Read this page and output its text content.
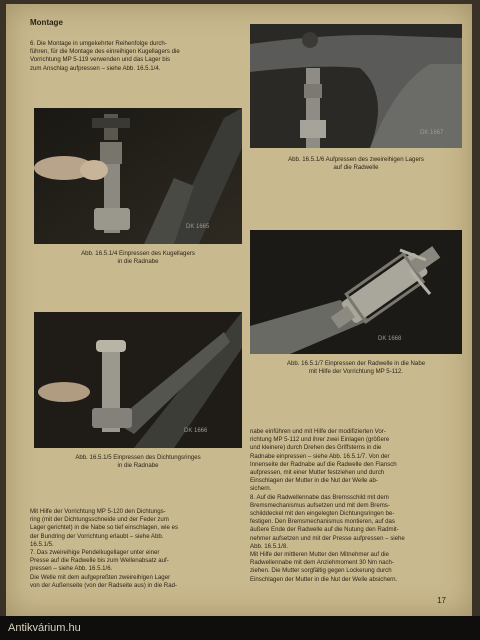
Montage

6. Die Montage in umgekehrter Reihenfolge durch-

führen, für die Montage des einreihigen Kugellagers die

Vorrichtung MP 5-119 verwenden und das Lager bis

zum Anschlag aufpressen – siehe Abb. 16.5.1/4.

DK 1665

Abb. 16.5.1/4 Einpressen des Kugellagers

in die Radnabe

DK 1666

Abb. 16.5.1/5 Einpressen des Dichtungsringes

in die Radnabe

DK 1667

Abb. 16.5.1/6 Aufpressen des zweireihigen Lagers

auf die Radwelle

DK 1668

Abb. 16.5.1/7 Einpressen der Radwelle in die Nabe

mit Hilfe der Vorrichtung MP 5-112.

Mit Hilfe der Vorrichtung MP 5-120 den Dichtungs-

ring (mit der Dichtungsschneide und der Feder zum

Lager gerichtet) in die Nabe so tief einschlagen, wie es

der Bundring der Vorrichtung erlaubt – siehe Abb.

16.5.1/5.

7. Das zweireihige Pendelkugellager unter einer

Presse auf die Radwelle bis zum Wellenabsatz auf-

pressen – siehe Abb. 16.5.1/6.

Die Welle mit dem aufgepreßten zweireihigen Lager

von der Außenseite (von der Radseite aus) in die Rad-

nabe einführen und mit Hilfe der modifizierten Vor-

richtung MP 5-112 und ihrer zwei Einlagen (größere

und kleinere) durch Drehen des Griffsterns in die

Radnabe einpressen – siehe Abb. 16.5.1/7. Von der

Innenseite der Radnabe auf die Radwelle den Flansch

aufpressen, mit einer Mutter festziehen und durch

Einschlagen der Mutter in die Nut der Welle ab-

sichern.

8. Auf die Radwellennabe das Bremsschild mit dem

Bremsmechanismus aufsetzen und mit dem Brems-

schilddeckel mit den eingelegten Dichtungsringen be-

festigen. Den Bremsmechanismus montieren, auf das

äußere Ende der Radwelle auf die Nutung den Radmit-

nehmer aufsetzen und mit der Presse aufpressen – siehe

Abb. 16.5.1/8.

Mit Hilfe der mittleren Mutter den Mitnehmer auf die

Radwellennabe mit dem Anziehmoment 30 Nm nach-

ziehen. Die Mutter sorgfältig gegen Lockerung durch

Einschlagen der Mutter in die Nut der Welle absichern.

17
Antikvárium.hu
